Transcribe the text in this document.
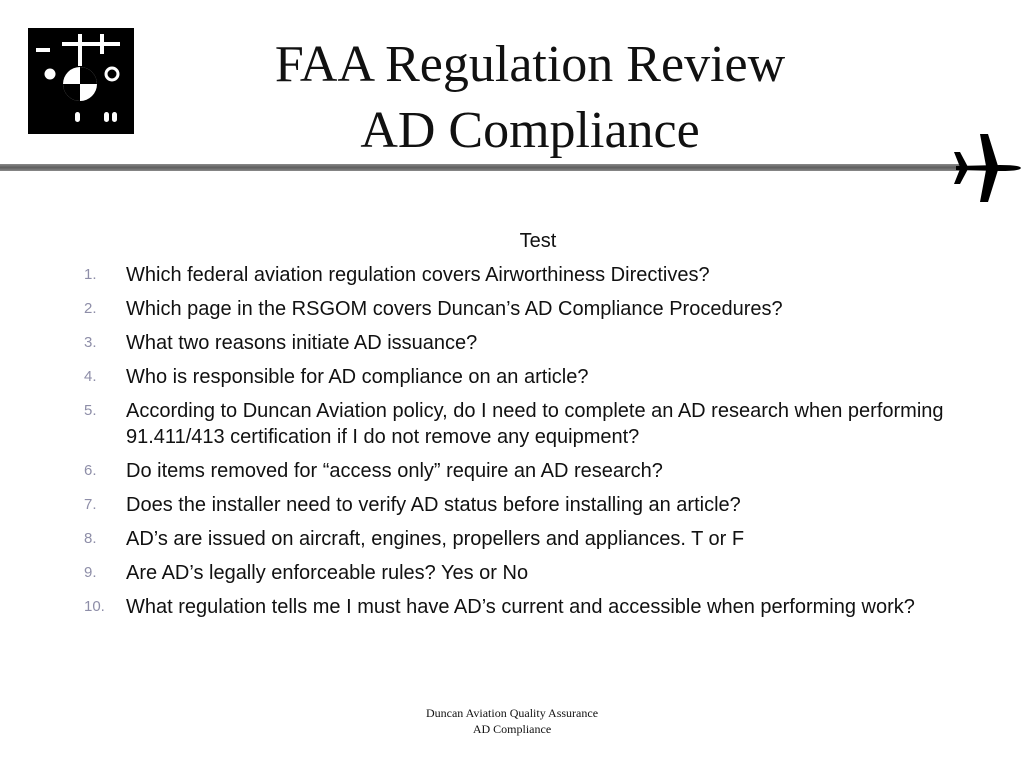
FAA Regulation Review
AD Compliance

Test

1.	Which federal aviation regulation covers Airworthiness Directives?
2.	Which page in the RSGOM covers Duncan’s AD Compliance Procedures?
3.	What two reasons initiate AD issuance?
4.	Who is responsible for AD compliance on an article?
5.	According to Duncan Aviation policy, do I need to complete an AD research when performing 91.411/413 certification if I do not remove any equipment?
6.	Do items removed for “access only” require an AD research?
7.	Does the installer need to verify AD status before installing an article?
8.	AD’s are issued on aircraft, engines, propellers and appliances. T or F
9.	Are AD’s legally enforceable rules? Yes or No
10.	What regulation tells me I must have AD’s current and accessible when performing work?
Duncan Aviation Quality Assurance
AD Compliance
